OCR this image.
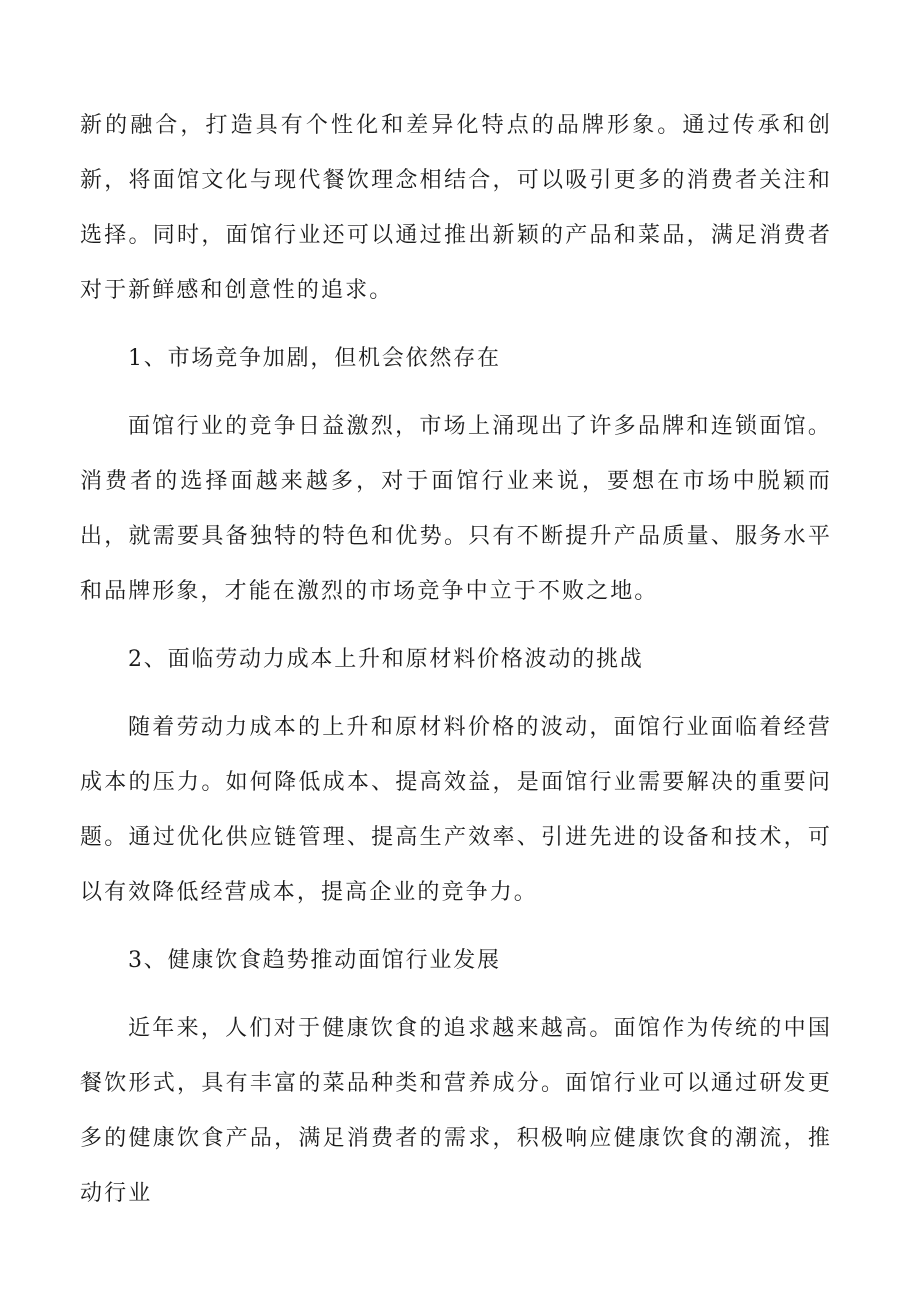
新的融合，打造具有个性化和差异化特点的品牌形象。通过传承和创新，将面馆文化与现代餐饮理念相结合，可以吸引更多的消费者关注和选择。同时，面馆行业还可以通过推出新颖的产品和菜品，满足消费者对于新鲜感和创意性的追求。

1、市场竞争加剧，但机会依然存在

面馆行业的竞争日益激烈，市场上涌现出了许多品牌和连锁面馆。消费者的选择面越来越多，对于面馆行业来说，要想在市场中脱颖而出，就需要具备独特的特色和优势。只有不断提升产品质量、服务水平和品牌形象，才能在激烈的市场竞争中立于不败之地。

2、面临劳动力成本上升和原材料价格波动的挑战

随着劳动力成本的上升和原材料价格的波动，面馆行业面临着经营成本的压力。如何降低成本、提高效益，是面馆行业需要解决的重要问题。通过优化供应链管理、提高生产效率、引进先进的设备和技术，可以有效降低经营成本，提高企业的竞争力。

3、健康饮食趋势推动面馆行业发展

近年来，人们对于健康饮食的追求越来越高。面馆作为传统的中国餐饮形式，具有丰富的菜品种类和营养成分。面馆行业可以通过研发更多的健康饮食产品，满足消费者的需求，积极响应健康饮食的潮流，推动行业
